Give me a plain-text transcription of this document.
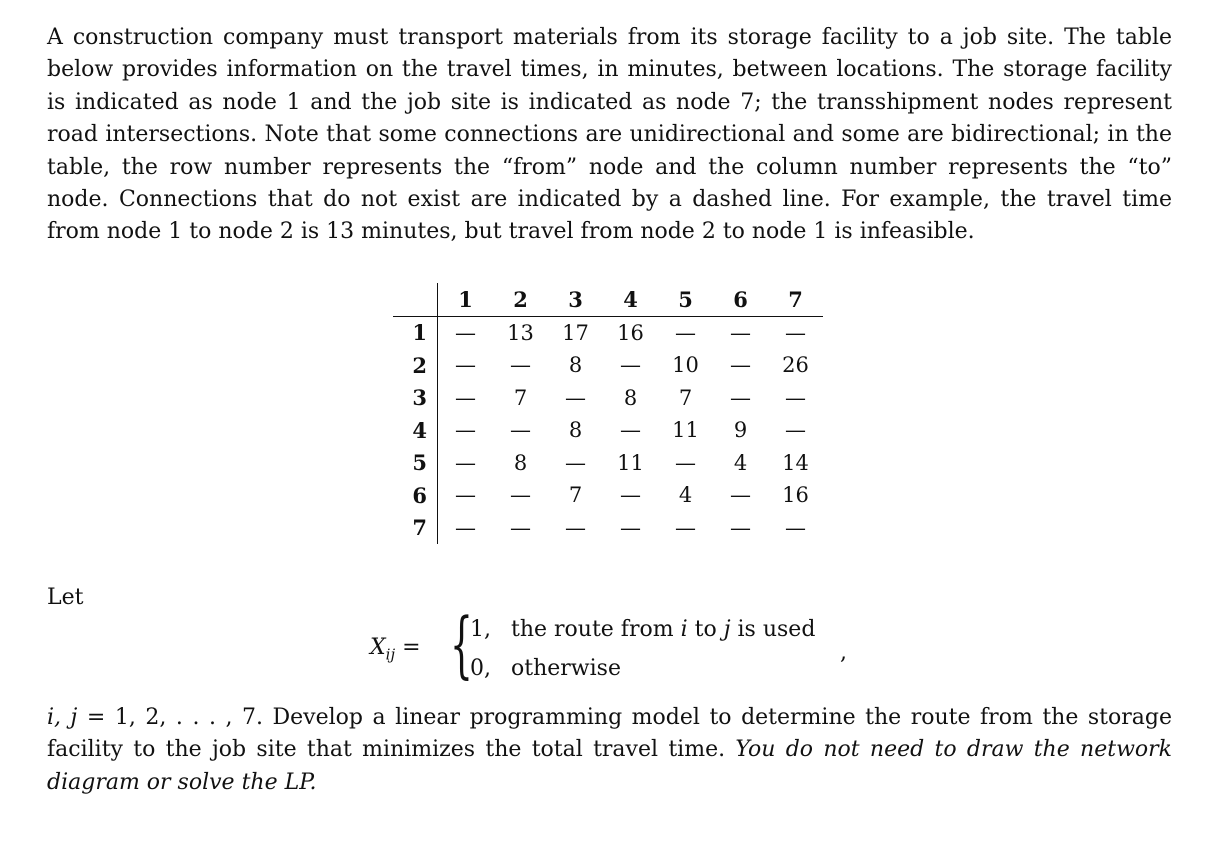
A construction company must transport materials from its storage facility to a job site. The table below provides information on the travel times, in minutes, between locations. The storage facility is indicated as node 1 and the job site is indicated as node 7; the transshipment nodes represent road intersections. Note that some connections are unidirectional and some are bidirectional; in the table, the row number represents the “from” node and the column number represents the “to” node. Connections that do not exist are indicated by a dashed line. For example, the travel time from node 1 to node 2 is 13 minutes, but travel from node 2 to node 1 is infeasible.

	1	2	3	4	5	6	7
1	—	13	17	16	—	—	—
2	—	—	8	—	10	—	26
3	—	7	—	8	7	—	—
4	—	—	8	—	11	9	—
5	—	8	—	11	—	4	14
6	—	—	7	—	4	—	16
7	—	—	—	—	—	—	—
Let
$X_{ij}$ = {
1, the route from i to j is used
0, otherwise
,
i, j = 1, 2, . . . , 7. Develop a linear programming model to determine the route from the storage facility to the job site that minimizes the total travel time. You do not need to draw the network diagram or solve the LP.
